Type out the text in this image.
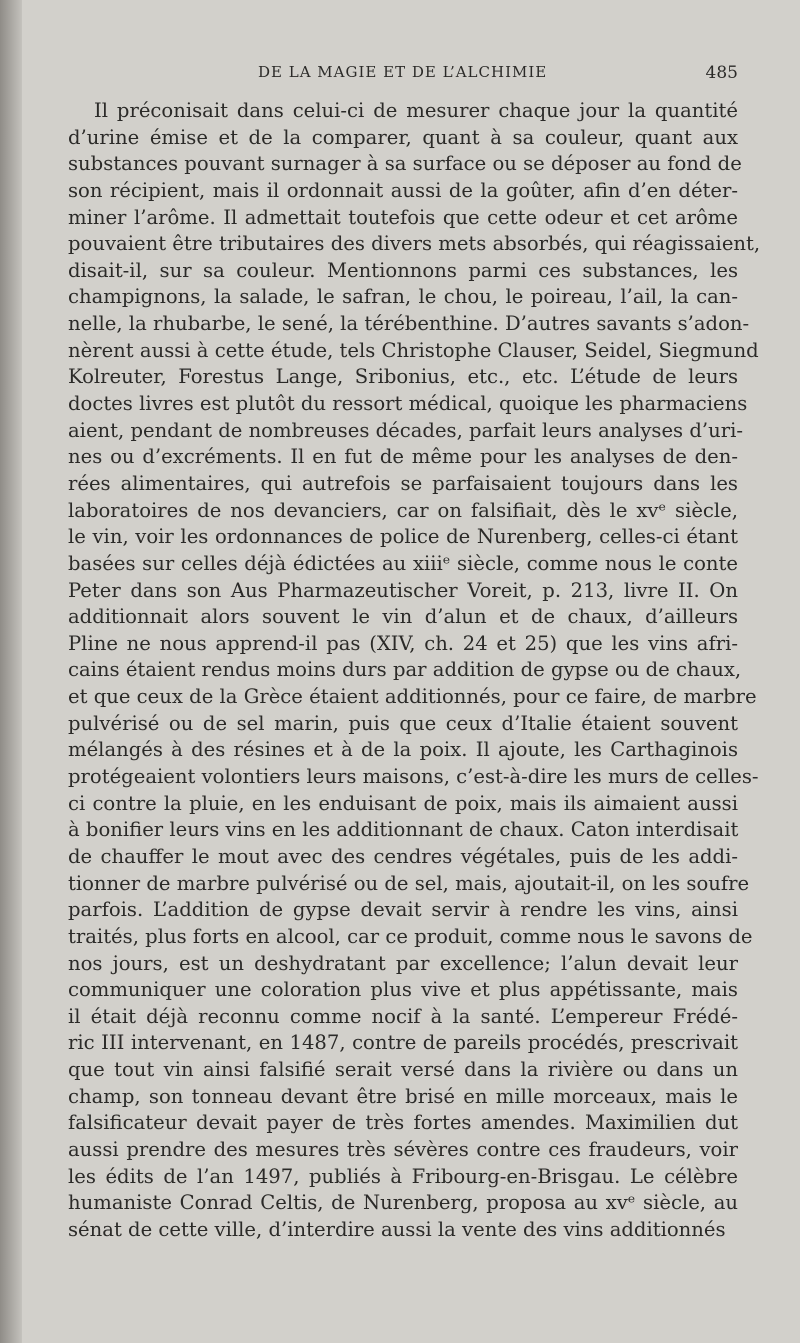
DE LA MAGIE ET DE L’ALCHIMIE	485
Il préconisait dans celui-ci de mesurer chaque jour la quantité
d’urine émise et de la comparer, quant à sa couleur, quant aux
substances pouvant surnager à sa surface ou se déposer au fond de
son récipient, mais il ordonnait aussi de la goûter, afin d’en déter-
miner l’arôme. Il admettait toutefois que cette odeur et cet arôme
pouvaient être tributaires des divers mets absorbés, qui réagissaient,
disait-il, sur sa couleur. Mentionnons parmi ces substances, les
champignons, la salade, le safran, le chou, le poireau, l’ail, la can-
nelle, la rhubarbe, le sené, la térébenthine. D’autres savants s’adon-
nèrent aussi à cette étude, tels Christophe Clauser, Seidel, Siegmund
Kolreuter, Forestus Lange, Sribonius, etc., etc. L’étude de leurs
doctes livres est plutôt du ressort médical, quoique les pharmaciens
aient, pendant de nombreuses décades, parfait leurs analyses d’uri-
nes ou d’excréments. Il en fut de même pour les analyses de den-
rées alimentaires, qui autrefois se parfaisaient toujours dans les
laboratoires de nos devanciers, car on falsifiait, dès le xvᵉ siècle,
le vin, voir les ordonnances de police de Nurenberg, celles-ci étant
basées sur celles déjà édictées au xiiiᵉ siècle, comme nous le conte
Peter dans son Aus Pharmazeutischer Voreit, p. 213, livre II. On
additionnait alors souvent le vin d’alun et de chaux, d’ailleurs
Pline ne nous apprend-il pas (XIV, ch. 24 et 25) que les vins afri-
cains étaient rendus moins durs par addition de gypse ou de chaux,
et que ceux de la Grèce étaient additionnés, pour ce faire, de marbre
pulvérisé ou de sel marin, puis que ceux d’Italie étaient souvent
mélangés à des résines et à de la poix. Il ajoute, les Carthaginois
protégeaient volontiers leurs maisons, c’est-à-dire les murs de celles-
ci contre la pluie, en les enduisant de poix, mais ils aimaient aussi
à bonifier leurs vins en les additionnant de chaux. Caton interdisait
de chauffer le mout avec des cendres végétales, puis de les addi-
tionner de marbre pulvérisé ou de sel, mais, ajoutait-il, on les soufre
parfois. L’addition de gypse devait servir à rendre les vins, ainsi
traités, plus forts en alcool, car ce produit, comme nous le savons de
nos jours, est un deshydratant par excellence; l’alun devait leur
communiquer une coloration plus vive et plus appétissante, mais
il était déjà reconnu comme nocif à la santé. L’empereur Frédé-
ric III intervenant, en 1487, contre de pareils procédés, prescrivait
que tout vin ainsi falsifié serait versé dans la rivière ou dans un
champ, son tonneau devant être brisé en mille morceaux, mais le
falsificateur devait payer de très fortes amendes. Maximilien dut
aussi prendre des mesures très sévères contre ces fraudeurs, voir
les édits de l’an 1497, publiés à Fribourg-en-Brisgau. Le célèbre
humaniste Conrad Celtis, de Nurenberg, proposa au xvᵉ siècle, au
sénat de cette ville, d’interdire aussi la vente des vins additionnés
